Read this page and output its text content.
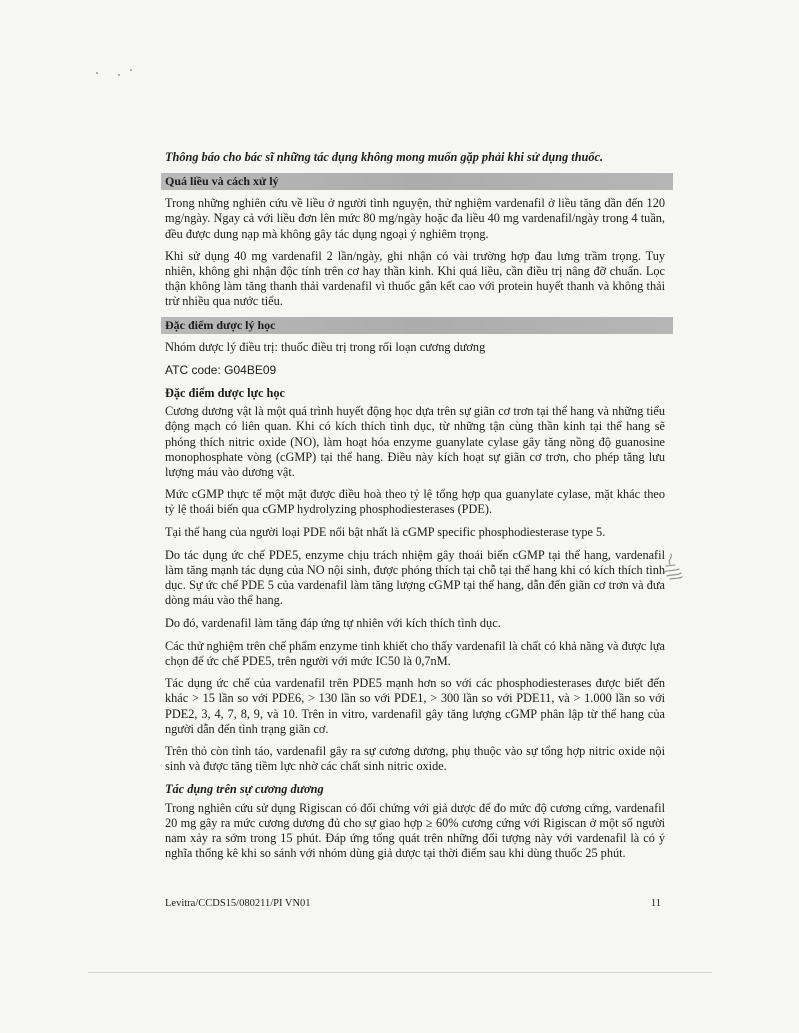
Thông báo cho bác sĩ những tác dụng không mong muốn gặp phải khi sử dụng thuốc.

Quá liều và cách xử lý

Trong những nghiên cứu về liều ở người tình nguyện, thử nghiệm vardenafil ở liều tăng dần đến 120 mg/ngày. Ngay cả với liều đơn lên mức 80 mg/ngày hoặc đa liều 40 mg vardenafil/ngày trong 4 tuần, đều được dung nạp mà không gây tác dụng ngoại ý nghiêm trọng.

Khi sử dụng 40 mg vardenafil 2 lần/ngày, ghi nhận có vài trường hợp đau lưng trầm trọng. Tuy nhiên, không ghi nhận độc tính trên cơ hay thần kinh. Khi quá liều, cần điều trị nâng đỡ chuẩn. Lọc thận không làm tăng thanh thải vardenafil vì thuốc gắn kết cao với protein huyết thanh và không thải trừ nhiều qua nước tiểu.

Đặc điểm dược lý học

Nhóm dược lý điều trị: thuốc điều trị trong rối loạn cương dương

ATC code: G04BE09

Đặc điểm dược lực học

Cương dương vật là một quá trình huyết động học dựa trên sự giãn cơ trơn tại thể hang và những tiểu động mạch có liên quan. Khi có kích thích tình dục, từ những tận cùng thần kinh tại thể hang sẽ phóng thích nitric oxide (NO), làm hoạt hóa enzyme guanylate cylase gây tăng nồng độ guanosine monophosphate vòng (cGMP) tại thể hang. Điều này kích hoạt sự giãn cơ trơn, cho phép tăng lưu lượng máu vào dương vật.

Mức cGMP thực tế một mặt được điều hoà theo tỷ lệ tổng hợp qua guanylate cylase, mặt khác theo tỷ lệ thoái biến qua cGMP hydrolyzing phosphodiesterases (PDE).

Tại thể hang của người loại PDE nổi bật nhất là cGMP specific phosphodiesterase type 5.

Do tác dụng ức chế PDE5, enzyme chịu trách nhiệm gây thoái biến cGMP tại thể hang, vardenafil làm tăng mạnh tác dụng của NO nội sinh, được phóng thích tại chỗ tại thể hang khi có kích thích tình dục. Sự ức chế PDE 5 của vardenafil làm tăng lượng cGMP tại thể hang, dẫn đến giãn cơ trơn và đưa dòng máu vào thể hang.

Do đó, vardenafil làm tăng đáp ứng tự nhiên với kích thích tình dục.

Các thử nghiệm trên chế phẩm enzyme tinh khiết cho thấy vardenafil là chất có khả năng và được lựa chọn để ức chế PDE5, trên người với mức IC50 là 0,7nM.

Tác dụng ức chế của vardenafil trên PDE5 mạnh hơn so với các phosphodiesterases được biết đến khác > 15 lần so với PDE6, > 130 lần so với PDE1, > 300 lần so với PDE11, và > 1.000 lần so với PDE2, 3, 4, 7, 8, 9, và 10. Trên in vitro, vardenafil gây tăng lượng cGMP phân lập từ thể hang của người dẫn đến tình trạng giãn cơ.

Trên thỏ còn tỉnh táo, vardenafil gây ra sự cương dương, phụ thuộc vào sự tổng hợp nitric oxide nội sinh và được tăng tiềm lực nhờ các chất sinh nitric oxide.

Tác dụng trên sự cương dương

Trong nghiên cứu sử dụng Rigiscan có đối chứng với giả dược để đo mức độ cương cứng, vardenafil 20 mg gây ra mức cương dương đủ cho sự giao hợp ≥ 60% cương cứng với Rigiscan ở một số người nam xảy ra sớm trong 15 phút. Đáp ứng tổng quát trên những đối tượng này với vardenafil là có ý nghĩa thống kê khi so sánh với nhóm dùng giả dược tại thời điểm sau khi dùng thuốc 25 phút.

Levitra/CCDS15/080211/PI VN01	11
